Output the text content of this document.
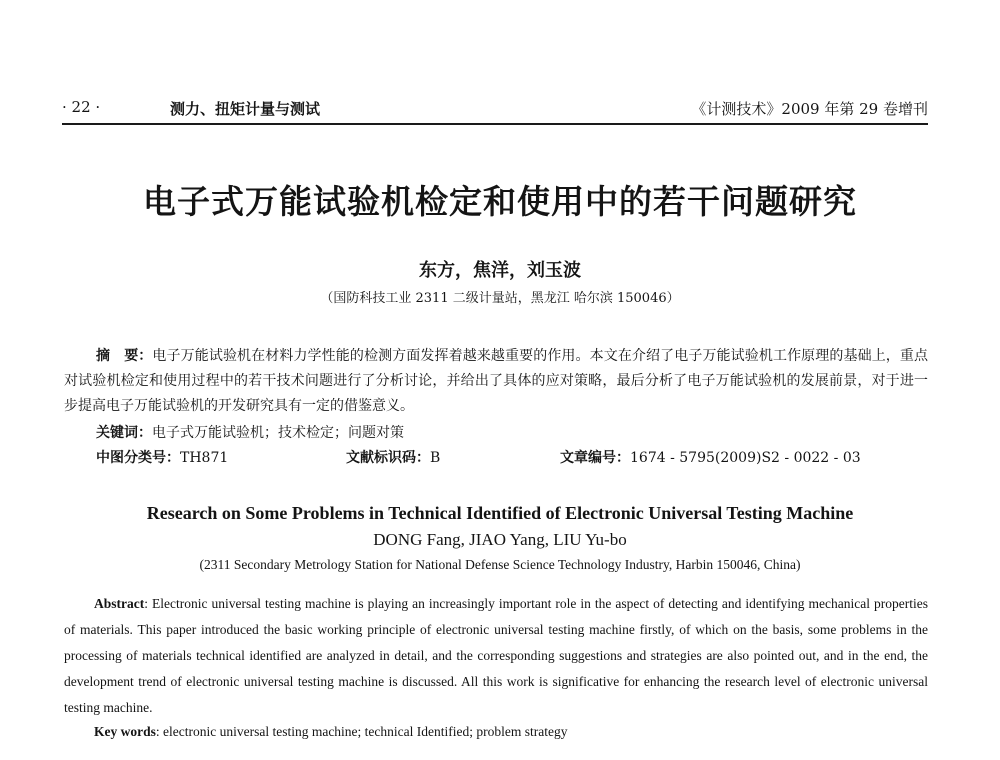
· 22 ·	测力、扭矩计量与测试	《计测技术》2009 年第 29 卷增刊
电子式万能试验机检定和使用中的若干问题研究
东方，焦洋，刘玉波
（国防科技工业 2311 二级计量站，黑龙江 哈尔滨 150046）
摘　要：电子万能试验机在材料力学性能的检测方面发挥着越来越重要的作用。本文在介绍了电子万能试验机工作原理的基础上，重点对试验机检定和使用过程中的若干技术问题进行了分析讨论，并给出了具体的应对策略，最后分析了电子万能试验机的发展前景，对于进一步提高电子万能试验机的开发研究具有一定的借鉴意义。
关键词：电子式万能试验机；技术检定；问题对策
中图分类号：TH871	文献标识码：B	文章编号：1674 - 5795(2009)S2 - 0022 - 03
Research on Some Problems in Technical Identified of Electronic Universal Testing Machine
DONG Fang, JIAO Yang, LIU Yu-bo
(2311 Secondary Metrology Station for National Defense Science Technology Industry, Harbin 150046, China)
Abstract: Electronic universal testing machine is playing an increasingly important role in the aspect of detecting and identifying mechanical properties of materials. This paper introduced the basic working principle of electronic universal testing machine firstly, of which on the basis, some problems in the processing of materials technical identified are analyzed in detail, and the corresponding suggestions and strategies are also pointed out, and in the end, the development trend of electronic universal testing machine is discussed. All this work is significative for enhancing the research level of electronic universal testing machine.
Key words: electronic universal testing machine; technical Identified; problem strategy
